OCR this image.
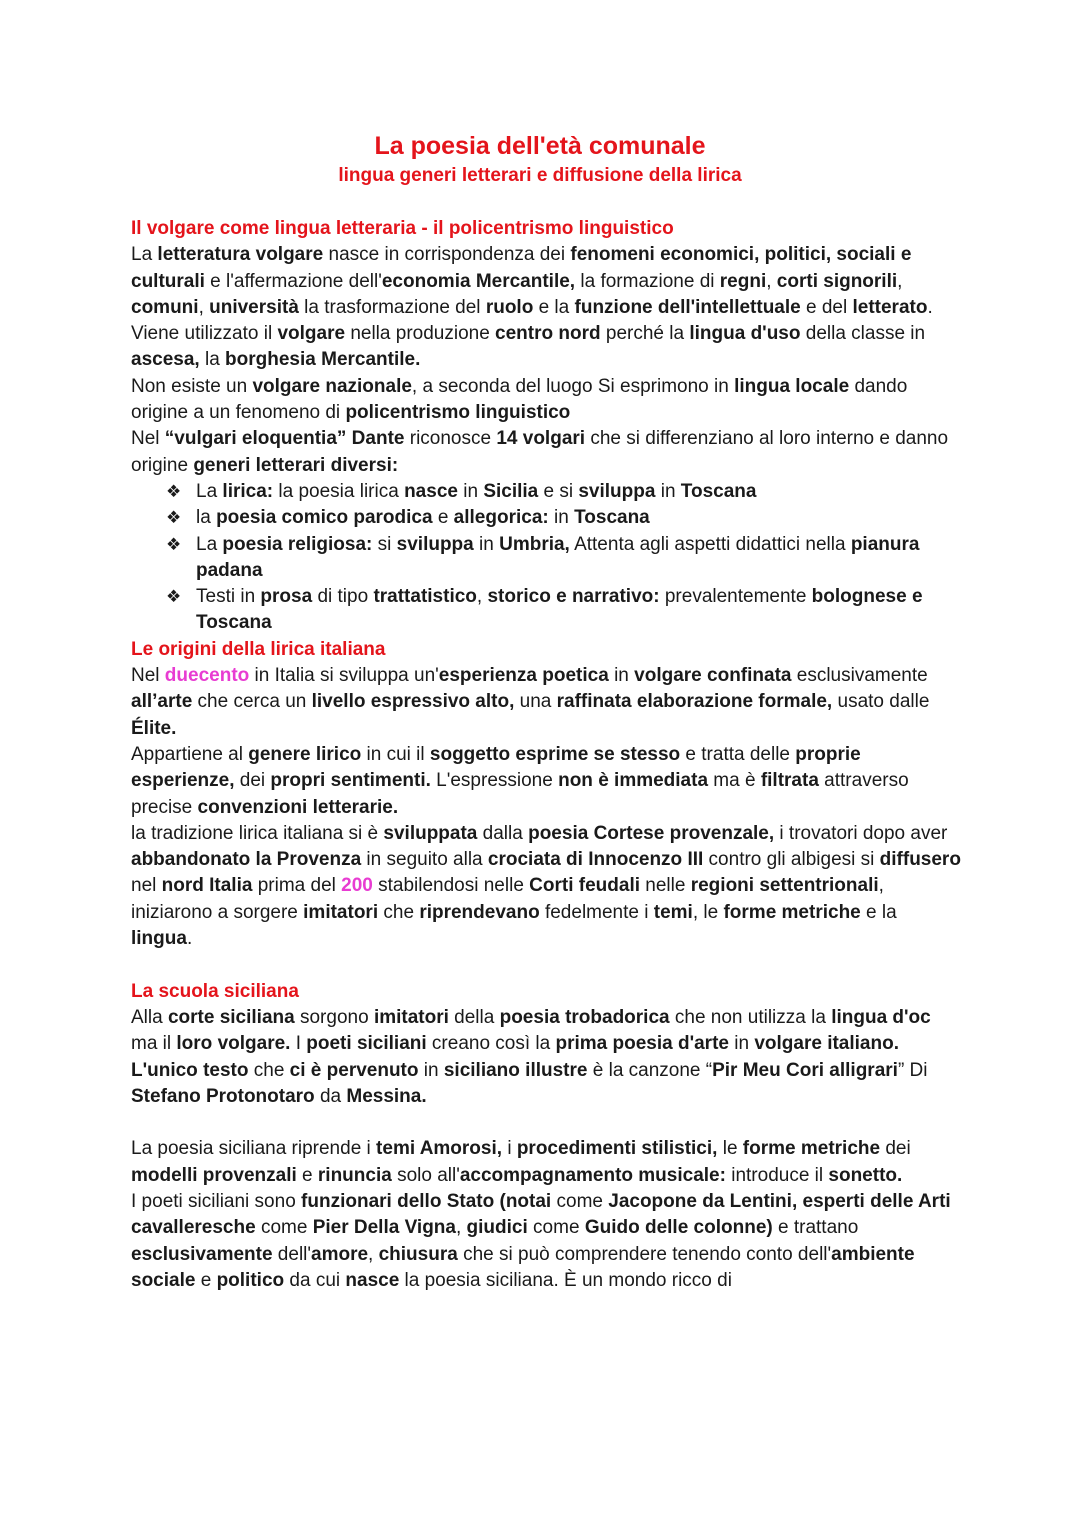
La poesia dell'età comunale
lingua generi letterari e diffusione della lirica

Il volgare come lingua letteraria - il policentrismo linguistico

La letteratura volgare nasce in corrispondenza dei fenomeni economici, politici, sociali e culturali e l'affermazione dell'economia Mercantile, la formazione di regni, corti signorili, comuni, università la trasformazione del ruolo e la funzione dell'intellettuale e del letterato.

Viene utilizzato il volgare nella produzione centro nord perché la lingua d'uso della classe in ascesa, la borghesia Mercantile.

Non esiste un volgare nazionale, a seconda del luogo Si esprimono in lingua locale dando origine a un fenomeno di policentrismo linguistico

Nel “vulgari eloquentia” Dante riconosce 14 volgari che si differenziano al loro interno e danno origine generi letterari diversi:

❖ La lirica: la poesia lirica nasce in Sicilia e si sviluppa in Toscana
❖ la poesia comico parodica e allegorica: in Toscana
❖ La poesia religiosa: si sviluppa in Umbria, Attenta agli aspetti didattici nella pianura padana
❖ Testi in prosa di tipo trattatistico, storico e narrativo: prevalentemente bolognese e Toscana

Le origini della lirica italiana

Nel duecento in Italia si sviluppa un'esperienza poetica in volgare confinata esclusivamente all’arte che cerca un livello espressivo alto, una raffinata elaborazione formale, usato dalle Élite.

Appartiene al genere lirico in cui il soggetto esprime se stesso e tratta delle proprie esperienze, dei propri sentimenti. L'espressione non è immediata ma è filtrata attraverso precise convenzioni letterarie.

la tradizione lirica italiana si è sviluppata dalla poesia Cortese provenzale, i trovatori dopo aver abbandonato la Provenza in seguito alla crociata di Innocenzo III contro gli albigesi si diffusero nel nord Italia prima del 200 stabilendosi nelle Corti feudali nelle regioni settentrionali, iniziarono a sorgere imitatori che riprendevano fedelmente i temi, le forme metriche e la lingua.

La scuola siciliana

Alla corte siciliana sorgono imitatori della poesia trobadorica che non utilizza la lingua d'oc ma il loro volgare. I poeti siciliani creano così la prima poesia d'arte in volgare italiano.

L'unico testo che ci è pervenuto in siciliano illustre è la canzone “Pir Meu Cori alligrari” Di Stefano Protonotaro da Messina.

La poesia siciliana riprende i temi Amorosi, i procedimenti stilistici, le forme metriche dei modelli provenzali e rinuncia solo all'accompagnamento musicale: introduce il sonetto.

I poeti siciliani sono funzionari dello Stato (notai come Jacopone da Lentini, esperti delle Arti cavalleresche come Pier Della Vigna, giudici come Guido delle colonne) e trattano esclusivamente dell'amore, chiusura che si può comprendere tenendo conto dell'ambiente sociale e politico da cui nasce la poesia siciliana. È un mondo ricco di
